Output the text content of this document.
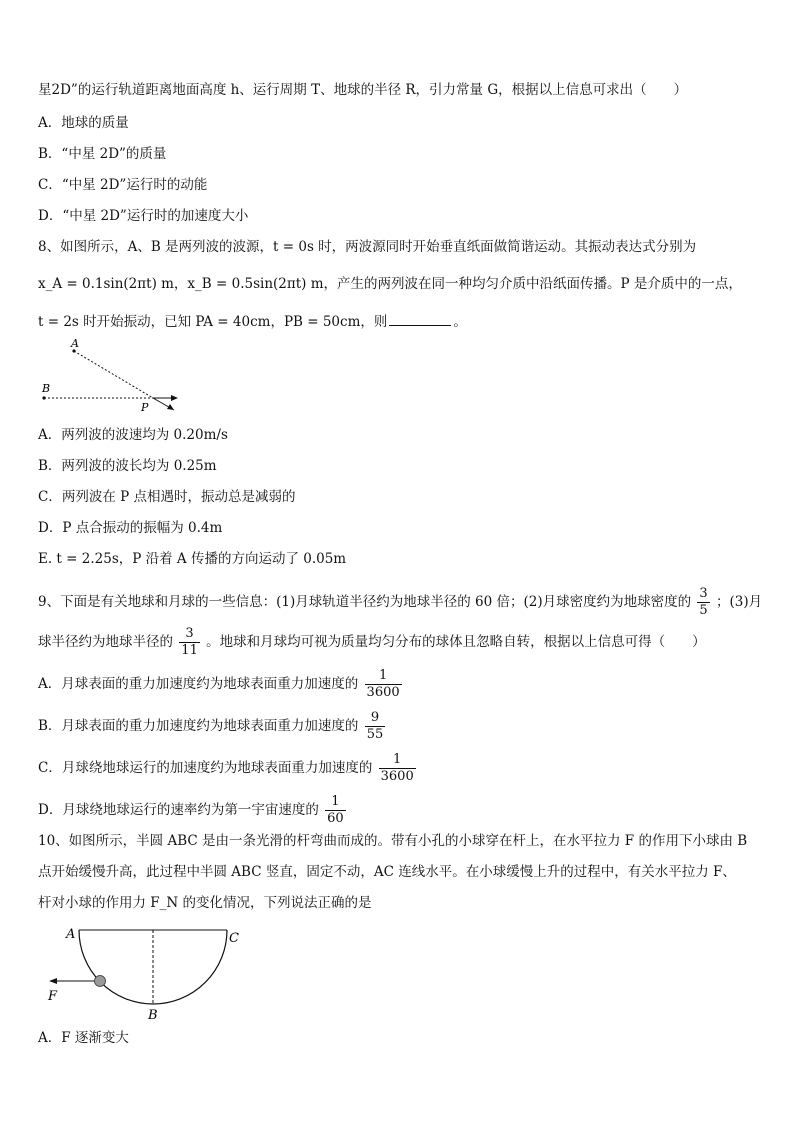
星2D”的运行轨道距离地面高度 h、运行周期 T、地球的半径 R，引力常量 G，根据以上信息可求出（　　）
A．地球的质量
B．“中星 2D”的质量
C．“中星 2D”运行时的动能
D．“中星 2D”运行时的加速度大小
8、如图所示，A、B 是两列波的波源，t = 0s 时，两波源同时开始垂直纸面做简谐运动。其振动表达式分别为
x_A = 0.1sin(2πt) m，x_B = 0.5sin(2πt) m，产生的两列波在同一种均匀介质中沿纸面传播。P 是介质中的一点，
t = 2s 时开始振动，已知 PA = 40cm，PB = 50cm，则	。
A
B
P
A．两列波的波速均为 0.20m/s
B．两列波的波长均为 0.25m
C．两列波在 P 点相遇时，振动总是减弱的
D．P 点合振动的振幅为 0.4m
E. t = 2.25s，P 沿着 A 传播的方向运动了 0.05m
9、下面是有关地球和月球的一些信息：(1)月球轨道半径约为地球半径的 60 倍；(2)月球密度约为地球密度的 $\frac{3}{5}$ ；(3)月
球半径约为地球半径的 $\frac{3}{11}$ 。地球和月球均可视为质量均匀分布的球体且忽略自转，根据以上信息可得（　　）
A．月球表面的重力加速度约为地球表面重力加速度的 $\frac{1}{3600}$
B．月球表面的重力加速度约为地球表面重力加速度的 $\frac{9}{55}$
C．月球绕地球运行的加速度约为地球表面重力加速度的 $\frac{1}{3600}$
D．月球绕地球运行的速率约为第一宇宙速度的 $\frac{1}{60}$
10、如图所示，半圆 ABC 是由一条光滑的杆弯曲而成的。带有小孔的小球穿在杆上，在水平拉力 F 的作用下小球由 B
点开始缓慢升高，此过程中半圆 ABC 竖直，固定不动，AC 连线水平。在小球缓慢上升的过程中，有关水平拉力 F、
杆对小球的作用力 F_N 的变化情况，下列说法正确的是
A	C
B
F
A．F 逐渐变大
